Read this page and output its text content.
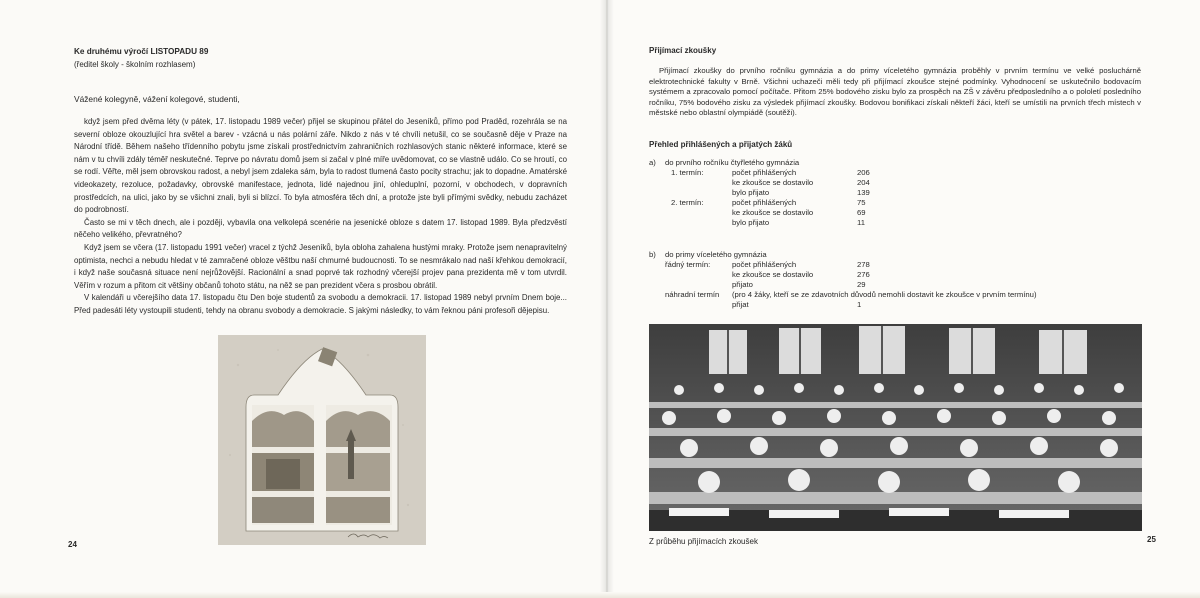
Ke druhému výročí LISTOPADU 89
(ředitel školy - školním rozhlasem)
Vážené kolegyně, vážení kolegové, studenti,

když jsem před dvěma léty (v pátek, 17. listopadu 1989 večer) přijel se skupinou přátel do Jeseníků, přímo pod Praděd, rozehrála se na severní obloze okouzlující hra světel a barev - vzácná u nás polární záře. Nikdo z nás v té chvíli netušil, co se současně děje v Praze na Národní třídě. Během našeho třídenního pobytu jsme získali prostřednictvím zahraničních rozhlasových stanic některé informace, které se nám v tu chvíli zdály téměř neskutečné. Teprve po návratu domů jsem si začal v plné míře uvědomovat, co se vlastně událo. Co se hroutí, co se rodí. Věřte, měl jsem obrovskou radost, a nebyl jsem zdaleka sám, byla to radost tlumená často pocity strachu; jak to dopadne. Amatérské videokazety, rezoluce, požadavky, obrovské manifestace, jednota, lidé najednou jiní, ohleduplní, pozorní, v obchodech, v dopravních prostředcích, na ulici, jako by se všichni znali, byli si blízcí. To byla atmosféra těch dní, a protože jste byli přímými svědky, nebudu zacházet do podrobností.

Často se mi v těch dnech, ale i později, vybavila ona velkolepá scenérie na jesenické obloze s datem 17. listopad 1989. Byla předzvěstí něčeho velikého, převratného?

Když jsem se včera (17. listopadu 1991 večer) vracel z týchž Jeseníků, byla obloha zahalena hustými mraky. Protože jsem nenapravitelný optimista, nechci a nebudu hledat v té zamračené obloze věštbu naší chmurné budoucnosti. To se nesmrákalo nad naší křehkou demokracií, i když naše současná situace není nejrůžovější. Racionální a snad poprvé tak rozhodný včerejší projev pana prezidenta mě v tom utvrdil. Věřím v rozum a přitom cit většiny občanů tohoto státu, na něž se pan prezident včera s prosbou obrátil.

V kalendáři u včerejšího data 17. listopadu čtu Den boje studentů za svobodu a demokracii. 17. listopad 1989 nebyl prvním Dnem boje... Před padesáti léty vystoupili studenti, tehdy na obranu svobody a demokracie. S jakými následky, to vám řeknou páni profesoři dějepisu.

24
Přijímací zkoušky

Přijímací zkoušky do prvního ročníku gymnázia a do primy víceletého gymnázia proběhly v prvním termínu ve velké posluchárně elektrotechnické fakulty v Brně. Všichni uchazeči měli tedy při přijímací zkoušce stejné podmínky. Vyhodnocení se uskutečnilo bodovacím systémem a zpracovalo pomocí počítače. Přitom 25% bodového zisku bylo za prospěch na ZŠ v závěru předposledního a o pololetí posledního ročníku, 75% bodového zisku za výsledek přijímací zkoušky. Bodovou bonifikaci získali někteří žáci, kteří se umístili na prvních třech místech v městské nebo oblastní olympiádě (soutěži).

Přehled přihlášených a přijatých žáků
a) do prvního ročníku čtyřletého gymnázia
1. termín:	počet přihlášených	206
ke zkoušce se dostavilo	204
bylo přijato	139
2. termín:	počet přihlášených	75
ke zkoušce se dostavilo	69
bylo přijato	11
b) do primy víceletého gymnázia
řádný termín:	počet přihlášených	278
ke zkoušce se dostavilo	276
přijato	29
náhradní termín (pro 4 žáky, kteří se ze zdavotních důvodů nemohli dostavit ke zkoušce v prvním termínu)
přijat	1
Z průběhu přijímacích zkoušek	25
